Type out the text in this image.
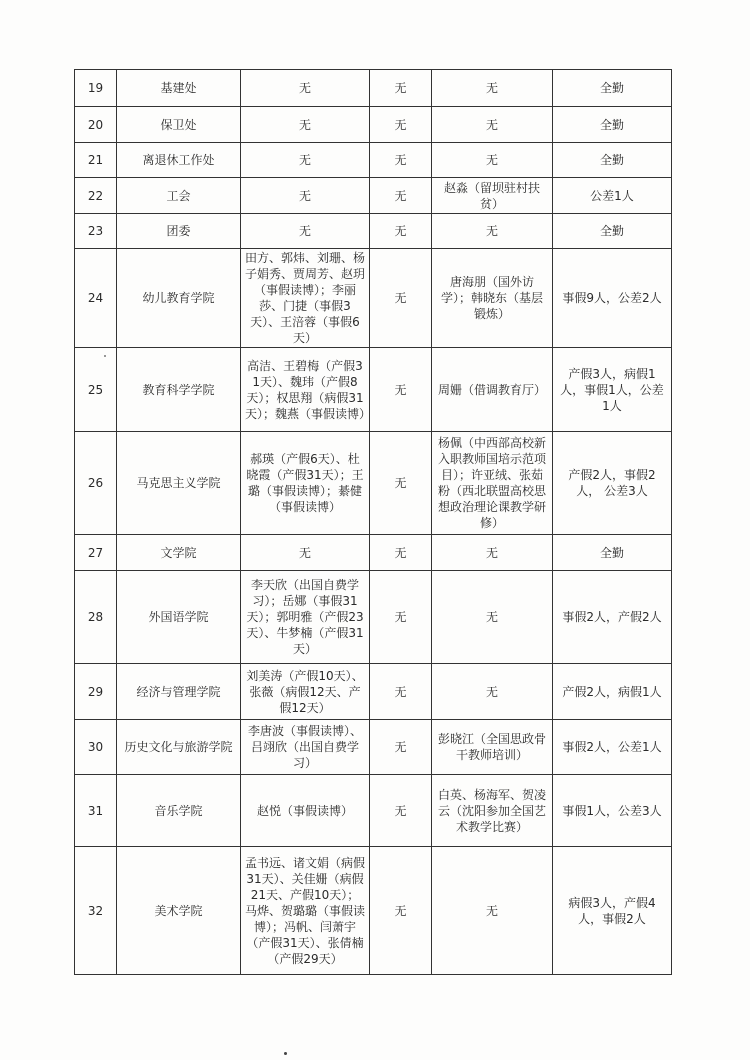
19	基建处	无	无	无	全勤
20	保卫处	无	无	无	全勤
21	离退休工作处	无	无	无	全勤
22	工会	无	无	赵淼（留坝驻村扶贫）	公差1人
23	团委	无	无	无	全勤
24	幼儿教育学院	田方、郭炜、刘珊、杨子娟秀、贾周芳、赵玥（事假读博）；李丽莎、门捷（事假3天）、王涪蓉（事假6天）	无	唐海朋（国外访学）；韩晓东（基层锻炼）	事假9人，公差2人
25	教育科学学院	高洁、王碧梅（产假31天）、魏玮（产假8天）；权思翔（病假31天）；魏燕（事假读博）	无	周姗（借调教育厅）	产假3人，病假1人，事假1人，公差1人
26	马克思主义学院	郝瑛（产假6天）、杜晓霞（产假31天）；王璐（事假读博）；綦健（事假读博）	无	杨佩（中西部高校新入职教师国培示范项目）；许亚绒、张茹粉（西北联盟高校思想政治理论课教学研修）	产假2人，事假2人， 公差3人
27	文学院	无	无	无	全勤
28	外国语学院	李天欣（出国自费学习）；岳娜（事假31天）；郭明雅（产假23天）、牛梦楠（产假31天）	无	无	事假2人，产假2人
29	经济与管理学院	刘美涛（产假10天）、张薇（病假12天、产假12天）	无	无	产假2人，病假1人
30	历史文化与旅游学院	李唐波（事假读博）、吕翊欣（出国自费学习）	无	彭晓江（全国思政骨干教师培训）	事假2人，公差1人
31	音乐学院	赵悦（事假读博）	无	白英、杨海军、贺凌云（沈阳参加全国艺术教学比赛）	事假1人，公差3人
32	美术学院	孟书远、诸文娟（病假31天）、关佳姗（病假21天、产假10天）；马烨、贺璐璐（事假读博）；冯帆、闫萧宇（产假31天）、张倩楠（产假29天）	无	无	病假3人，产假4人，事假2人
